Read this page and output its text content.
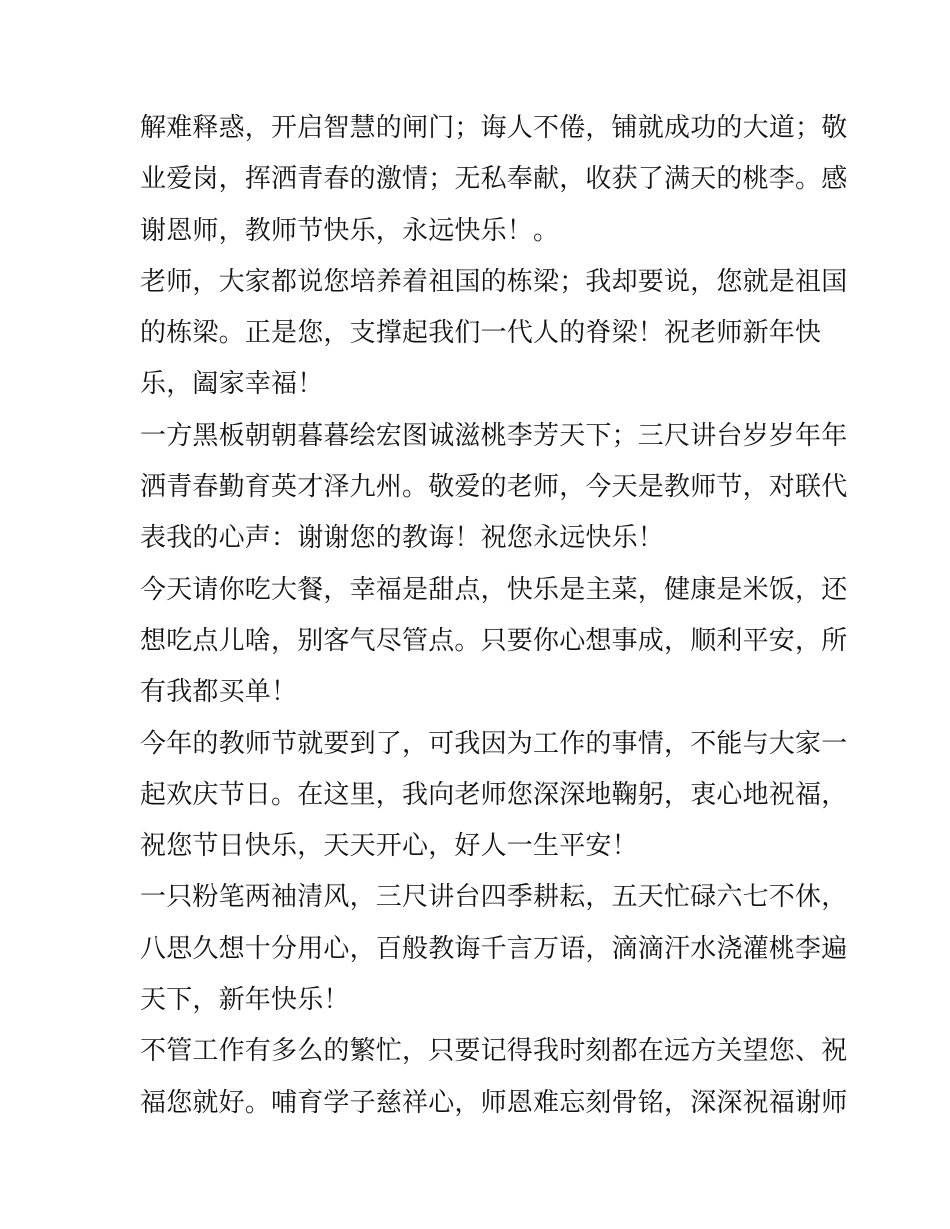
解难释惑，开启智慧的闸门；诲人不倦，铺就成功的大道；敬
业爱岗，挥洒青春的激情；无私奉献，收获了满天的桃李。感
谢恩师，教师节快乐，永远快乐！。
老师，大家都说您培养着祖国的栋梁；我却要说，您就是祖国
的栋梁。正是您，支撑起我们一代人的脊梁！祝老师新年快
乐，阖家幸福！
一方黑板朝朝暮暮绘宏图诚滋桃李芳天下；三尺讲台岁岁年年
洒青春勤育英才泽九州。敬爱的老师，今天是教师节，对联代
表我的心声：谢谢您的教诲！祝您永远快乐！
今天请你吃大餐，幸福是甜点，快乐是主菜，健康是米饭，还
想吃点儿啥，别客气尽管点。只要你心想事成，顺利平安，所
有我都买单！
今年的教师节就要到了，可我因为工作的事情，不能与大家一
起欢庆节日。在这里，我向老师您深深地鞠躬，衷心地祝福，
祝您节日快乐，天天开心，好人一生平安！
一只粉笔两袖清风，三尺讲台四季耕耘，五天忙碌六七不休，
八思久想十分用心，百般教诲千言万语，滴滴汗水浇灌桃李遍
天下，新年快乐！
不管工作有多么的繁忙，只要记得我时刻都在远方关望您、祝
福您就好。哺育学子慈祥心，师恩难忘刻骨铭，深深祝福谢师
